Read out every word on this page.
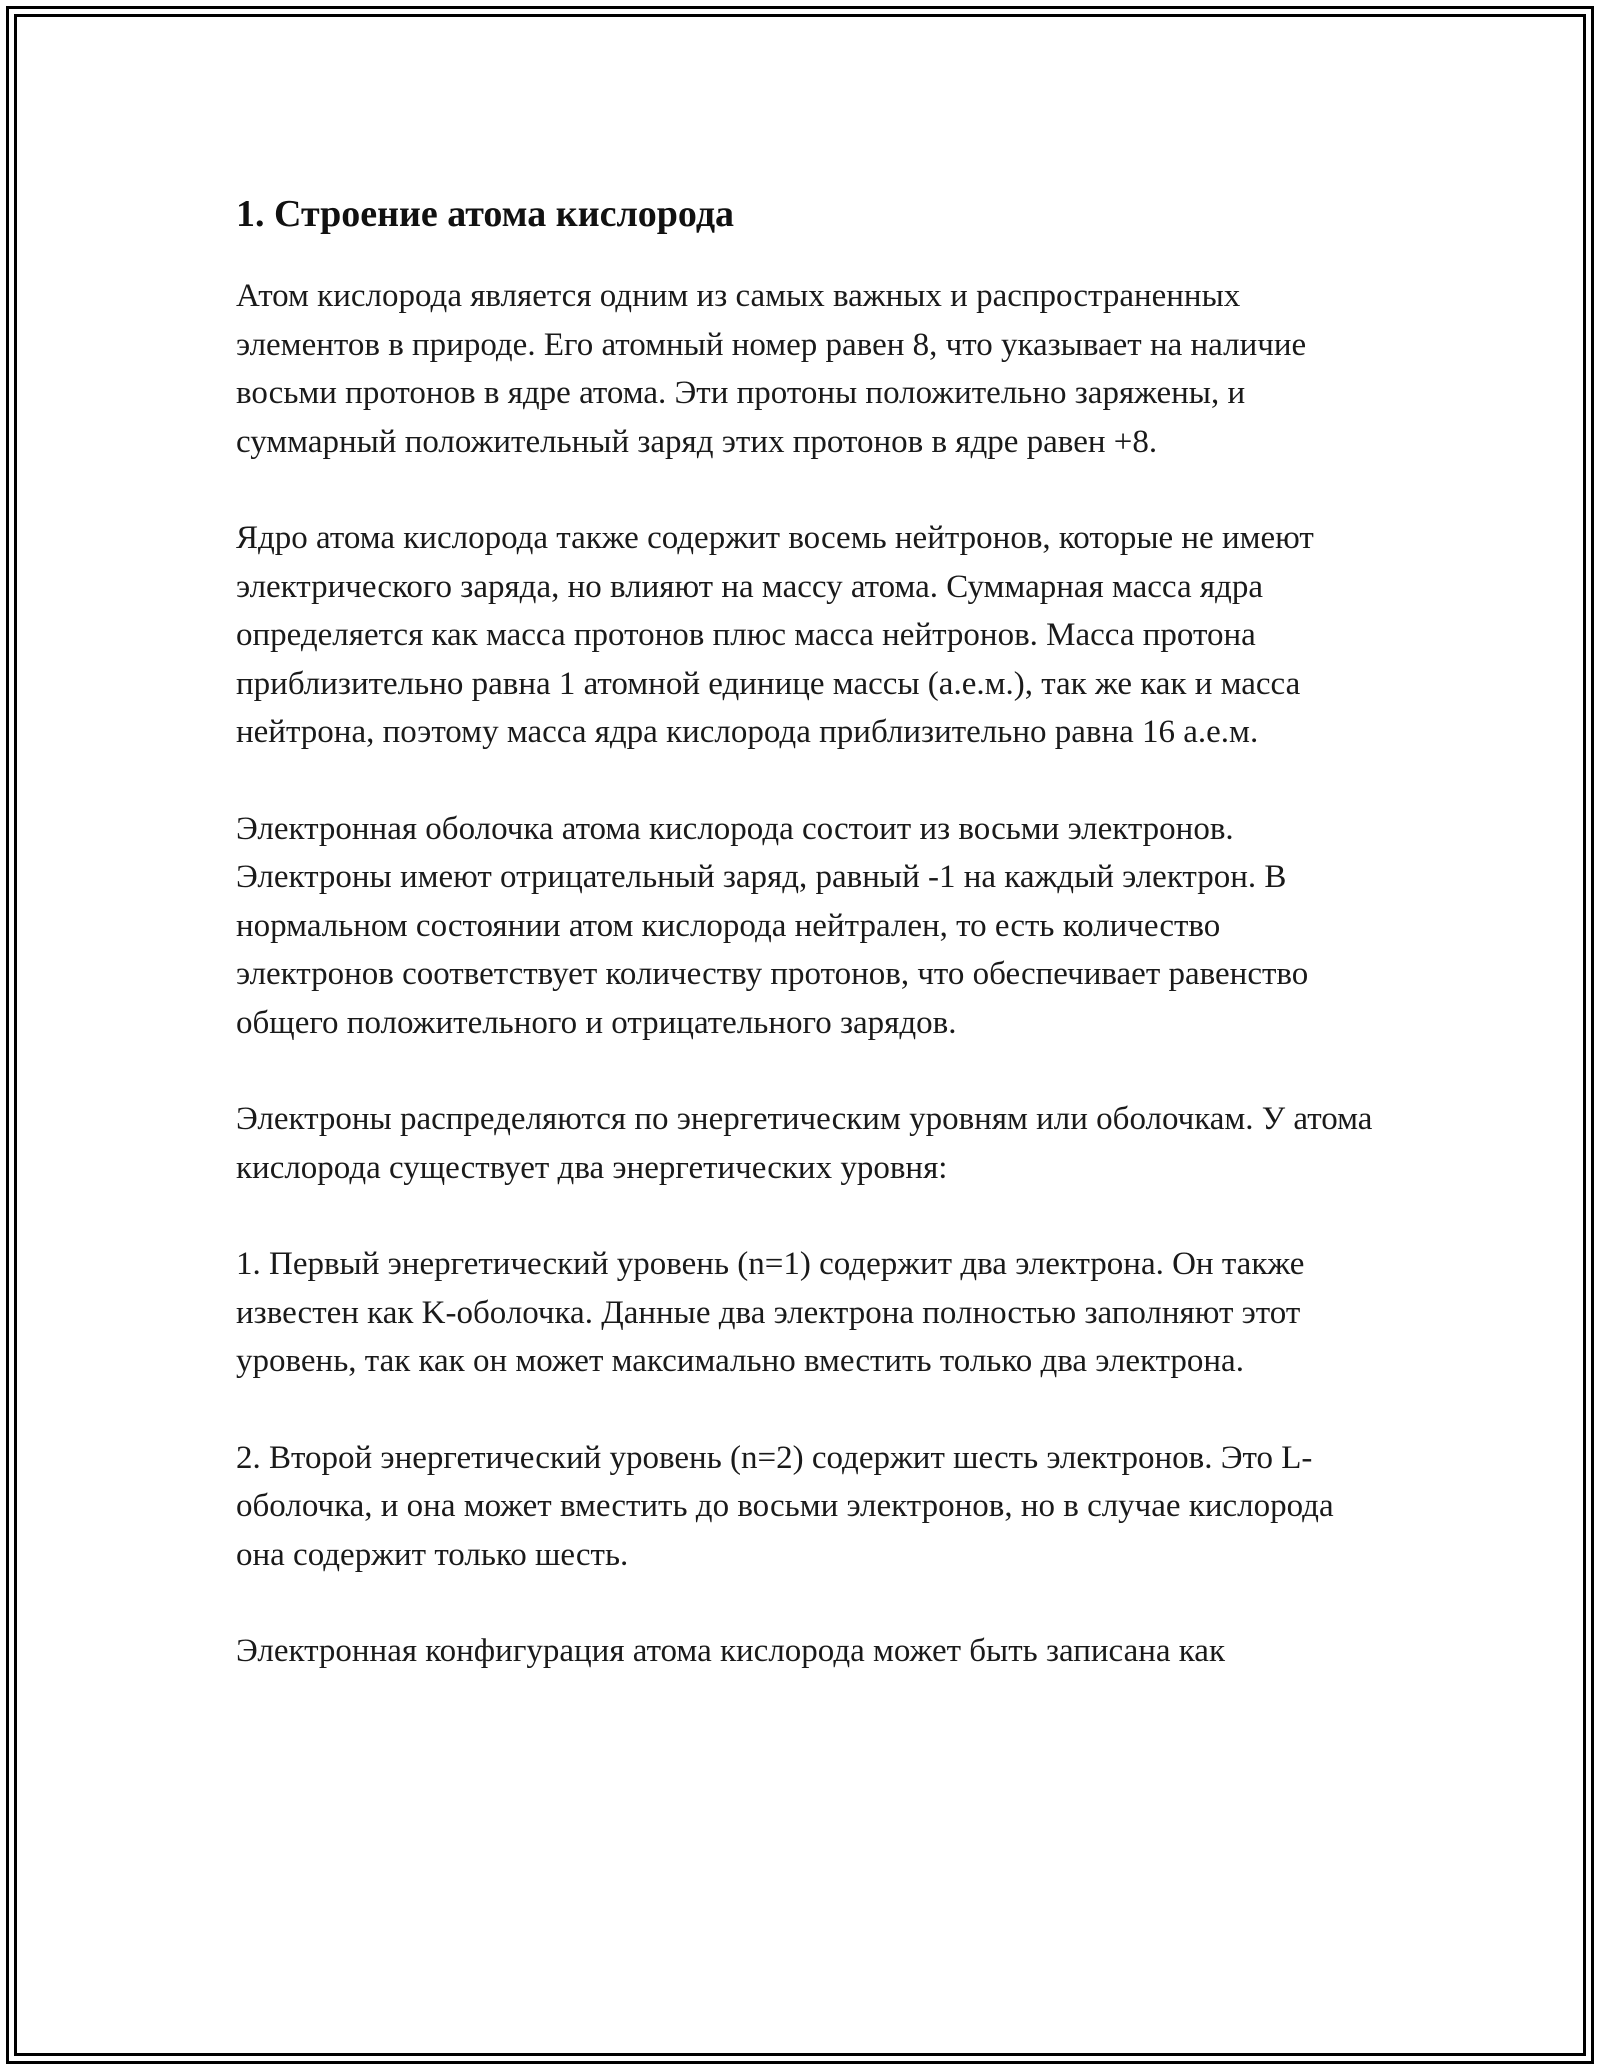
1. Строение атома кислорода

Атом кислорода является одним из самых важных и распространенных элементов в природе. Его атомный номер равен 8, что указывает на наличие восьми протонов в ядре атома. Эти протоны положительно заряжены, и суммарный положительный заряд этих протонов в ядре равен +8.

Ядро атома кислорода также содержит восемь нейтронов, которые не имеют электрического заряда, но влияют на массу атома. Суммарная масса ядра определяется как масса протонов плюс масса нейтронов. Масса протона приблизительно равна 1 атомной единице массы (а.е.м.), так же как и масса нейтрона, поэтому масса ядра кислорода приблизительно равна 16 а.е.м.

Электронная оболочка атома кислорода состоит из восьми электронов. Электроны имеют отрицательный заряд, равный -1 на каждый электрон. В нормальном состоянии атом кислорода нейтрален, то есть количество электронов соответствует количеству протонов, что обеспечивает равенство общего положительного и отрицательного зарядов.

Электроны распределяются по энергетическим уровням или оболочкам. У атома кислорода существует два энергетических уровня:

1. Первый энергетический уровень (n=1) содержит два электрона. Он также известен как K-оболочка. Данные два электрона полностью заполняют этот уровень, так как он может максимально вместить только два электрона.

2. Второй энергетический уровень (n=2) содержит шесть электронов. Это L-оболочка, и она может вместить до восьми электронов, но в случае кислорода она содержит только шесть.

Электронная конфигурация атома кислорода может быть записана как
